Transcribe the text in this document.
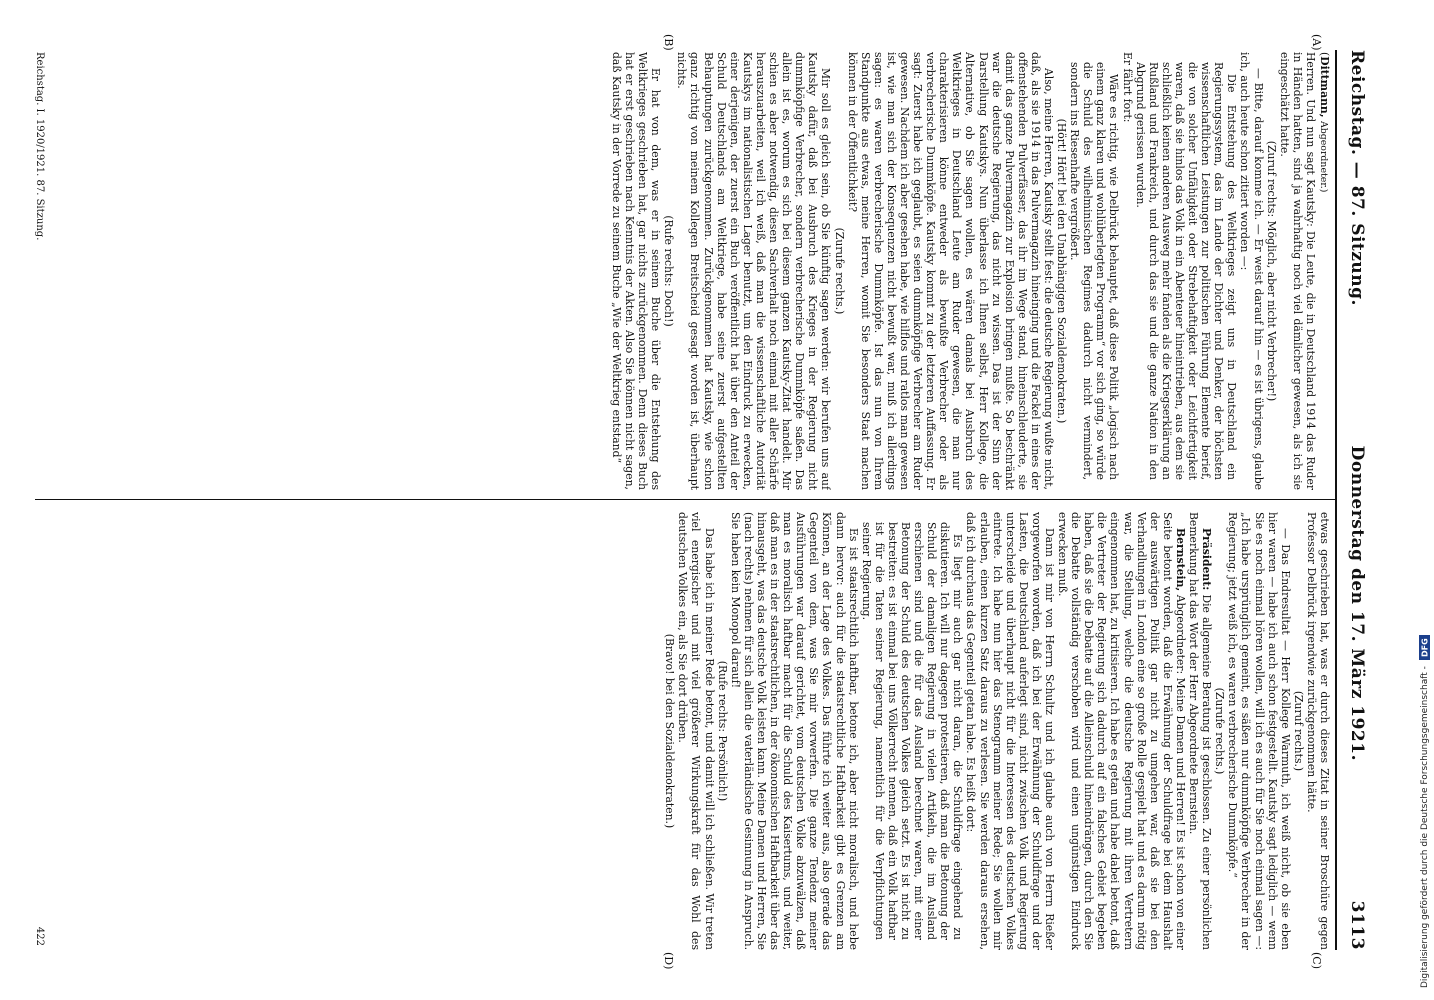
Reichstag. — 87. Sitzung.
Donnerstag den 17. März 1921.
3113
(A)
(B)
(C)
(D)

(Dittmann, Abgeordneter.)

Herren. Und nun sagt Kautsky: Die Leute, die in Deutschland 1914 das Ruder in Händen hatten, sind ja wahrhaftig noch viel dämlicher gewesen, als ich sie eingeschätzt hatte.

(Zuruf rechts: Möglich, aber nicht Verbrecher!)

— Bitte, darauf komme ich. — Er weist darauf hin — es ist übrigens, glaube ich, auch heute schon zitiert worden —:

Die Entstehung des Weltkrieges zeigt uns in Deutschland ein Regierungssystem, das im Lande der Dichter und Denker, der höchsten wissenschaftlichen Leistungen zur politischen Führung Elemente berief, die von solcher Unfähigkeit oder Strebehaftigkeit oder Leichtfertigkeit waren, daß sie hinlos das Volk in ein Abenteuer hineintrieben, aus dem sie schließlich keinen anderen Ausweg mehr fanden als die Kriegserklärung an Rußland und Frankreich, und durch das sie und die ganze Nation in den Abgrund gerissen wurden.

Er fährt fort:

Wäre es richtig, wie Delbrück behauptet, daß diese Politik „logisch nach einem ganz klaren und wohlüberlegten Programm“ vor sich ging, so würde die Schuld des wilhelminischen Regimes dadurch nicht vermindert, sondern ins Riesenhafte vergrößert.

(Hört! Hört! bei den Unabhängigen Sozialdemokraten.)

Also, meine Herren, Kautsky stellt fest: die deutsche Regierung wußte nicht, daß, als sie 1914 in das Pulvermagazin hineinging und die Fackel in eines der offenstehenden Pulverfässer, das ihr im Wege stand, hineinschleuderte, sie damit das ganze Pulvermagazin zur Explosion bringen mußte. So beschränkt war die deutsche Regierung, das nicht zu wissen. Das ist der Sinn der Darstellung Kautskys. Nun überlasse ich Ihnen selbst, Herr Kollege, die Alternative, ob Sie sagen wollen, es wären damals bei Ausbruch des Weltkrieges in Deutschland Leute am Ruder gewesen, die man nur charakterisieren könne entweder als bewußte Verbrecher oder als verbrecherische Dummköpfe. Kautsky kommt zu der letzteren Auffassung. Er sagt: Zuerst habe ich geglaubt, es seien dummköpfige Verbrecher am Ruder gewesen. Nachdem ich aber gesehen habe, wie hilflos und ratlos man gewesen ist, wie man sich der Konsequenzen nicht bewußt war, muß ich allerdings sagen: es waren verbrecherische Dummköpfe. Ist das nun von Ihrem Standpunkte aus etwas, meine Herren, womit Sie besonders Staat machen können in der Öffentlichkeit?

(Zurufe rechts.)

Mir soll es gleich sein, ob Sie künftig sagen werden: wir berufen uns auf Kautsky dafür, daß bei Ausbruch des Krieges in der Regierung nicht dummköpfige Verbrecher, sondern verbrecherische Dummköpfe saßen. Das allein ist es, worum es sich bei diesem ganzen Kautsky-Zitat handelt. Mir schien es aber notwendig, diesen Sachverhalt noch einmal mit aller Schärfe herauszuarbeiten, weil ich weiß, daß man die wissenschaftliche Autorität Kautskys im nationalistischen Lager benutzt, um den Eindruck zu erwecken, einer derjenigen, der zuerst ein Buch veröffentlicht hat über den Anteil der Schuld Deutschlands am Weltkriege, habe seine zuerst aufgestellten Behauptungen zurückgenommen. Zurückgenommen hat Kautsky, wie schon ganz richtig von meinem Kollegen Breitscheid gesagt worden ist, überhaupt nichts.

(Rufe rechts: Doch!)

Er hat von dem, was er in seinem Buche über die Entstehung des Weltkrieges geschrieben hat, gar nichts zurückgenommen. Denn dieses Buch hat er erst geschrieben nach Kenntnis der Akten. Also Sie können nicht sagen, daß Kautsky in der Vorrede zu seinem Buche „Wie der Weltkrieg entstand“

Reichstag. I. 1920/1921. 87. Sitzung.

etwas geschrieben hat, was er durch dieses Zitat in seiner Broschüre gegen Professor Delbrück irgendwie zurückgenommen hätte.

(Zuruf rechts.)

— Das Endresultat — Herr Kollege Warmuth, ich weiß nicht, ob sie eben hier waren — habe ich auch schon festgestellt. Kautsky sagt lediglich — wenn Sie es noch einmal hören wollen, will ich es auch für Sie noch einmal sagen —: „Ich habe ursprünglich gemeint, es säßen nur dummköpfige Verbrecher in der Regierung; jetzt weiß ich, es waren verbrecherische Dummköpfe.“

(Zurufe rechts.)

Präsident: Die allgemeine Beratung ist geschlossen. Zu einer persönlichen Bemerkung hat das Wort der Herr Abgeordnete Bernstein.

Bernstein, Abgeordneter: Meine Damen und Herren! Es ist schon von einer Seite betont worden, daß die Erwähnung der Schuldfrage bei dem Haushalt der auswärtigen Politik gar nicht zu umgehen war, daß sie bei den Verhandlungen in London eine so große Rolle gespielt hat und es darum nötig war, die Stellung, welche die deutsche Regierung mit ihren Vertretern eingenommen hat, zu kritisieren. Ich habe es getan und habe dabei betont, daß die Vertreter der Regierung sich dadurch auf ein falsches Gebiet begeben haben, daß sie die Debatte auf die Alleinschuld hineindrängen, durch den Sie die Debatte vollständig verschoben wird und einen ungünstigen Eindruck erwecken muß.

Dann ist mir von Herrn Schultz und ich glaube auch von Herrn Rießer vorgeworfen worden, daß ich bei der Erwähnung der Schuldfrage und der Lasten, die Deutschland auferlegt sind, nicht zwischen Volk und Regierung unterscheide und überhaupt nicht für die Interessen des deutschen Volkes eintrete. Ich habe nun hier das Stenogramm meiner Rede; Sie wollen mir erlauben, einen kurzen Satz daraus zu verlesen. Sie werden daraus ersehen, daß ich durchaus das Gegenteil getan habe. Es heißt dort:

Es liegt mir auch gar nicht daran, die Schuldfrage eingehend zu diskutieren. Ich will nur dagegen protestieren, daß man die Betonung der Schuld der damaligen Regierung in vielen Artikeln, die im Ausland erschienen sind und die für das Ausland berechnet waren, mit einer Betonung der Schuld des deutschen Volkes gleich setzt. Es ist nicht zu bestreiten: es ist einmal bei uns Völkerrecht nennen, daß ein Volk haftbar ist für die Taten seiner Regierung, namentlich für die Verpflichtungen seiner Regierung.

Es ist staatsrechtlich haftbar, betone ich, aber nicht moralisch, und hebe dann hervor: auch für die staatsrechtliche Haftbarkeit gibt es Grenzen am Können, an der Lage des Volkes. Das führte ich weiter aus, also gerade das Gegenteil von dem, was Sie mir vorwerfen. Die ganze Tendenz meiner Ausführungen war darauf gerichtet, vom deutschen Volke abzuwälzen, daß man es moralisch haftbar macht für die Schuld des Kaisertums, und weiter, daß man es in der staatsrechtlichen, in der ökonomischen Haftbarkeit über das hinausgeht, was das deutsche Volk leisten kann. Meine Damen und Herren, Sie (nach rechts) nehmen für sich allein die vaterländische Gesinnung in Anspruch. Sie haben kein Monopol darauf!

(Rufe rechts: Persönlich!)

Das habe ich in meiner Rede betont, und damit will ich schließen. Wir treten viel energischer und mit viel größerer Wirkungskraft für das Wohl des deutschen Volkes ein, als Sie dort drüben.

(Bravo! bei den Sozialdemokraten.)

422	Digitalisierung gefördert durch die Deutsche Forschungsgemeinschaft -
DFG
